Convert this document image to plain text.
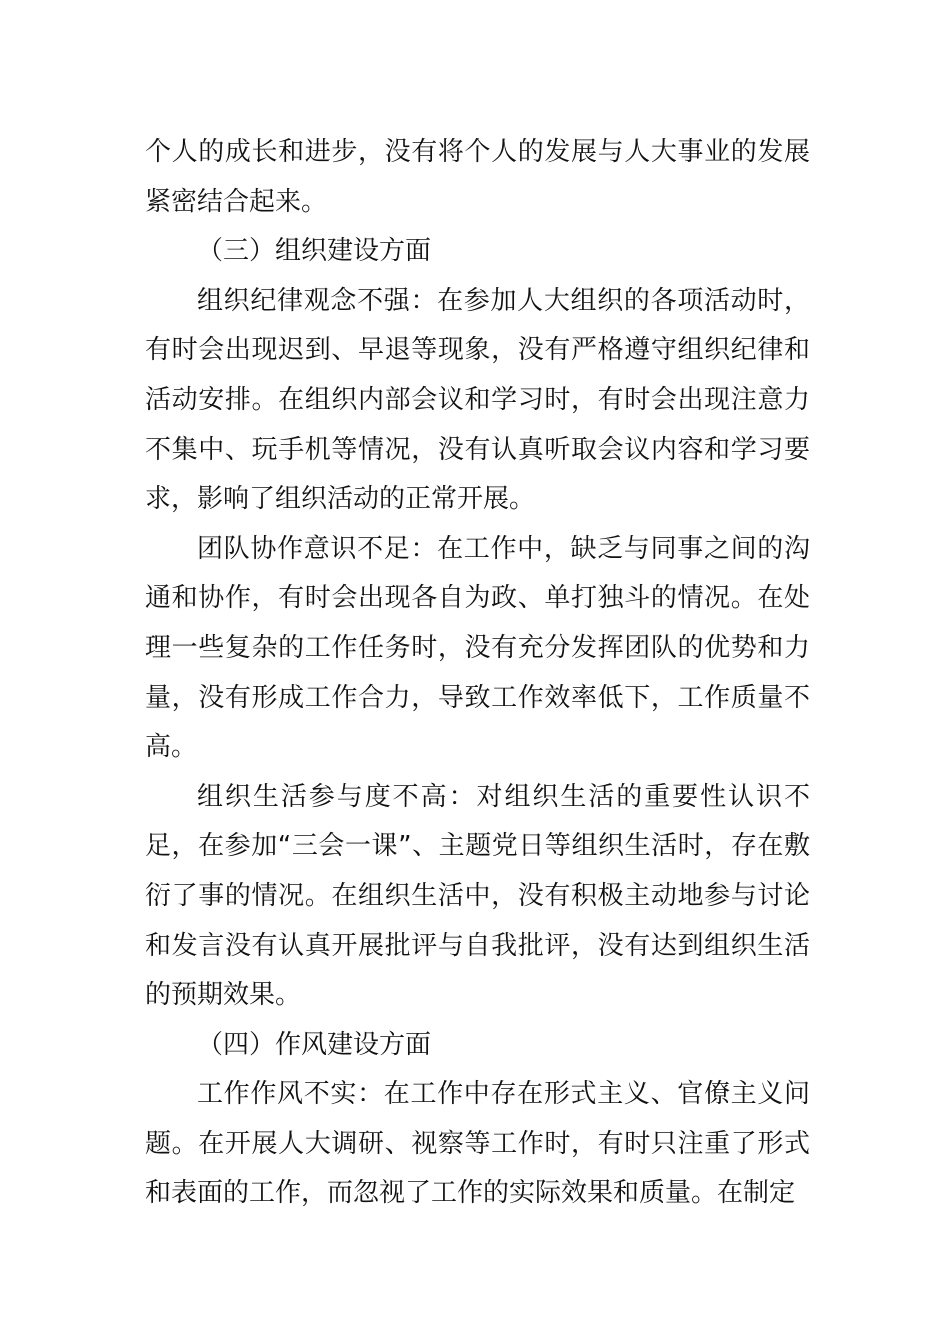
个人的成长和进步，没有将个人的发展与人大事业的发展紧密结合起来。

（三）组织建设方面

组织纪律观念不强：在参加人大组织的各项活动时，有时会出现迟到、早退等现象，没有严格遵守组织纪律和活动安排。在组织内部会议和学习时，有时会出现注意力不集中、玩手机等情况，没有认真听取会议内容和学习要求，影响了组织活动的正常开展。

团队协作意识不足：在工作中，缺乏与同事之间的沟通和协作，有时会出现各自为政、单打独斗的情况。在处理一些复杂的工作任务时，没有充分发挥团队的优势和力量，没有形成工作合力，导致工作效率低下，工作质量不高。

组织生活参与度不高：对组织生活的重要性认识不足，在参加“三会一课”、主题党日等组织生活时，存在敷衍了事的情况。在组织生活中，没有积极主动地参与讨论和发言没有认真开展批评与自我批评，没有达到组织生活的预期效果。

（四）作风建设方面

工作作风不实：在工作中存在形式主义、官僚主义问题。在开展人大调研、视察等工作时，有时只注重了形式和表面的工作，而忽视了工作的实际效果和质量。在制定
